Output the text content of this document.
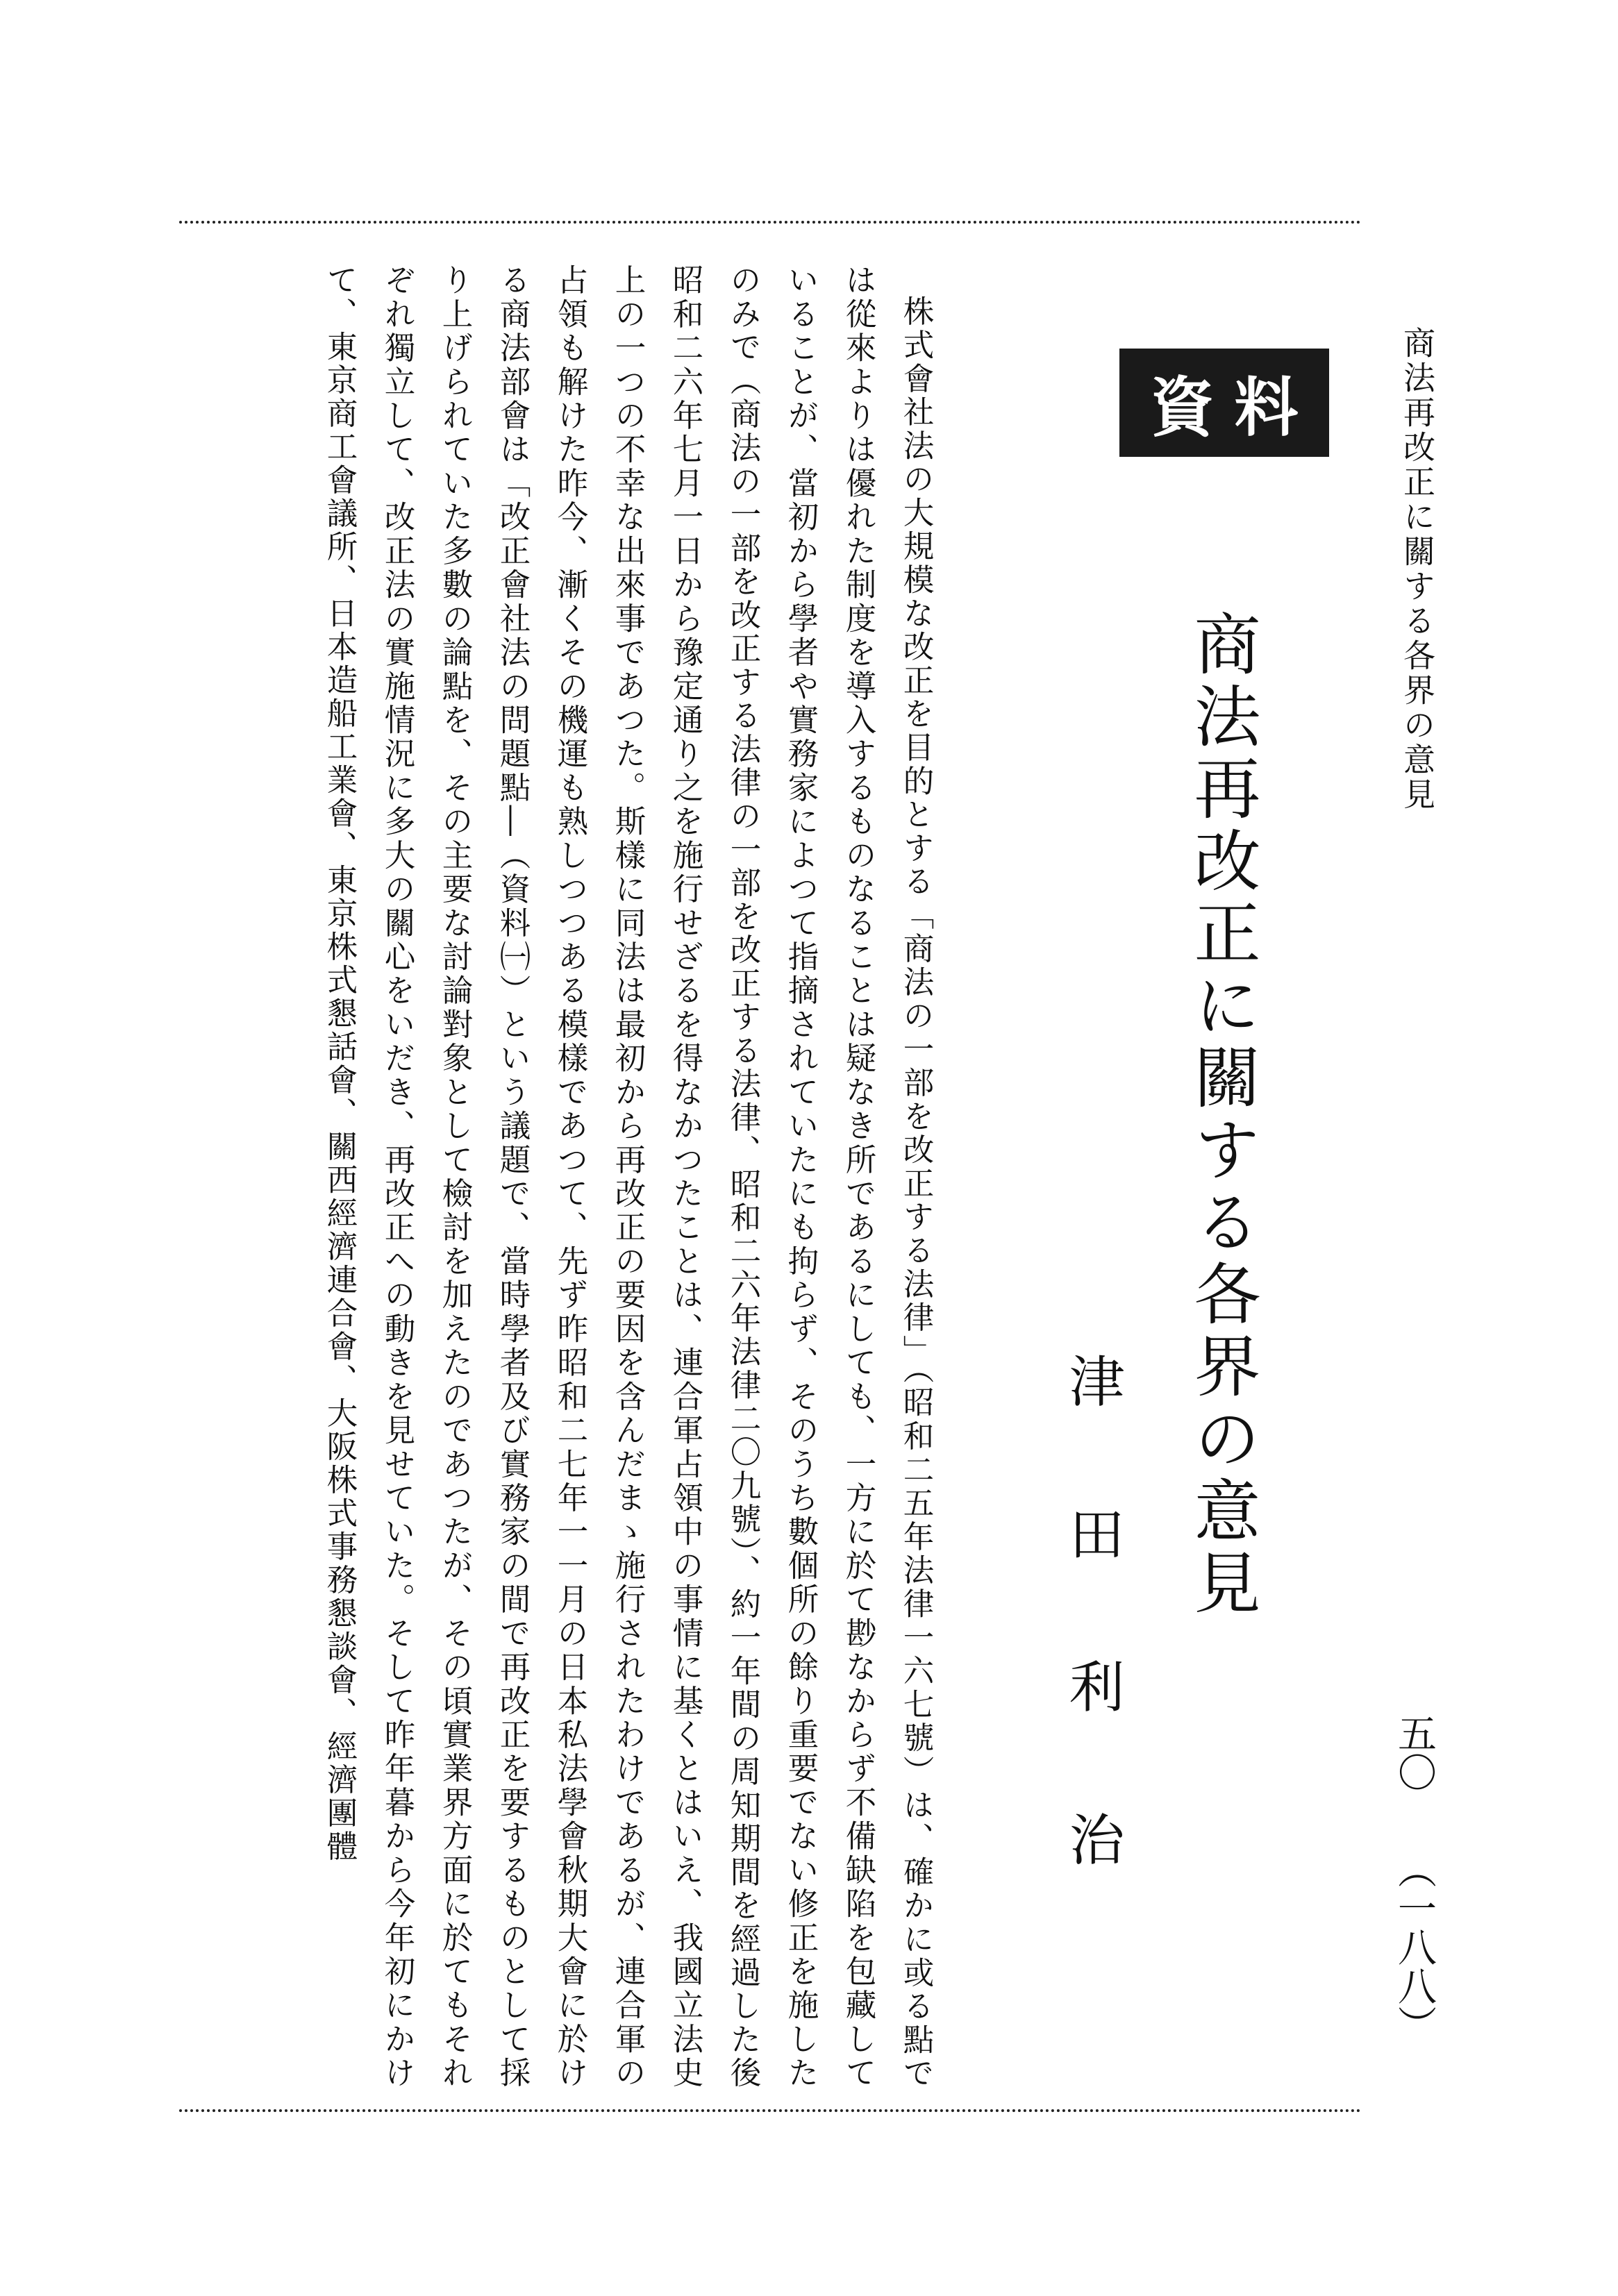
商法再改正に關する各界の意見
五〇
（一八八）
資 料
商法再改正に關する各界の意見
津田利治

株式會社法の大規模な改正を目的とする「商法の一部を改正する法律」（昭和二五年法律一六七號）は、確かに或る點では從來よりは優れた制度を導入するものなることは疑なき所であるにしても、一方に於て尠なからず不備缺陷を包藏していることが、當初から學者や實務家によつて指摘されていたにも拘らず、そのうち數個所の餘り重要でない修正を施したのみで（商法の一部を改正する法律の一部を改正する法律、昭和二六年法律二〇九號）、約一年間の周知期間を經過した後昭和二六年七月一日から豫定通り之を施行せざるを得なかつたことは、連合軍占領中の事情に基くとはいえ、我國立法史上の一つの不幸な出來事であつた。斯樣に同法は最初から再改正の要因を含んだまゝ施行されたわけであるが、連合軍の占領も解けた昨今、漸くその機運も熟しつつある模樣であつて、先ず昨昭和二七年一一月の日本私法學會秋期大會に於ける商法部會は「改正會社法の問題點―（資料㈠）という議題で、當時學者及び實務家の間で再改正を要するものとして採り上げられていた多數の論點を、その主要な討論對象として檢討を加えたのであつたが、その頃實業界方面に於てもそれぞれ獨立して、改正法の實施情況に多大の關心をいだき、再改正への動きを見せていた。そして昨年暮から今年初にかけて、東京商工會議所、日本造船工業會、東京株式懇話會、關西經濟連合會、大阪株式事務懇談會、經濟團體
